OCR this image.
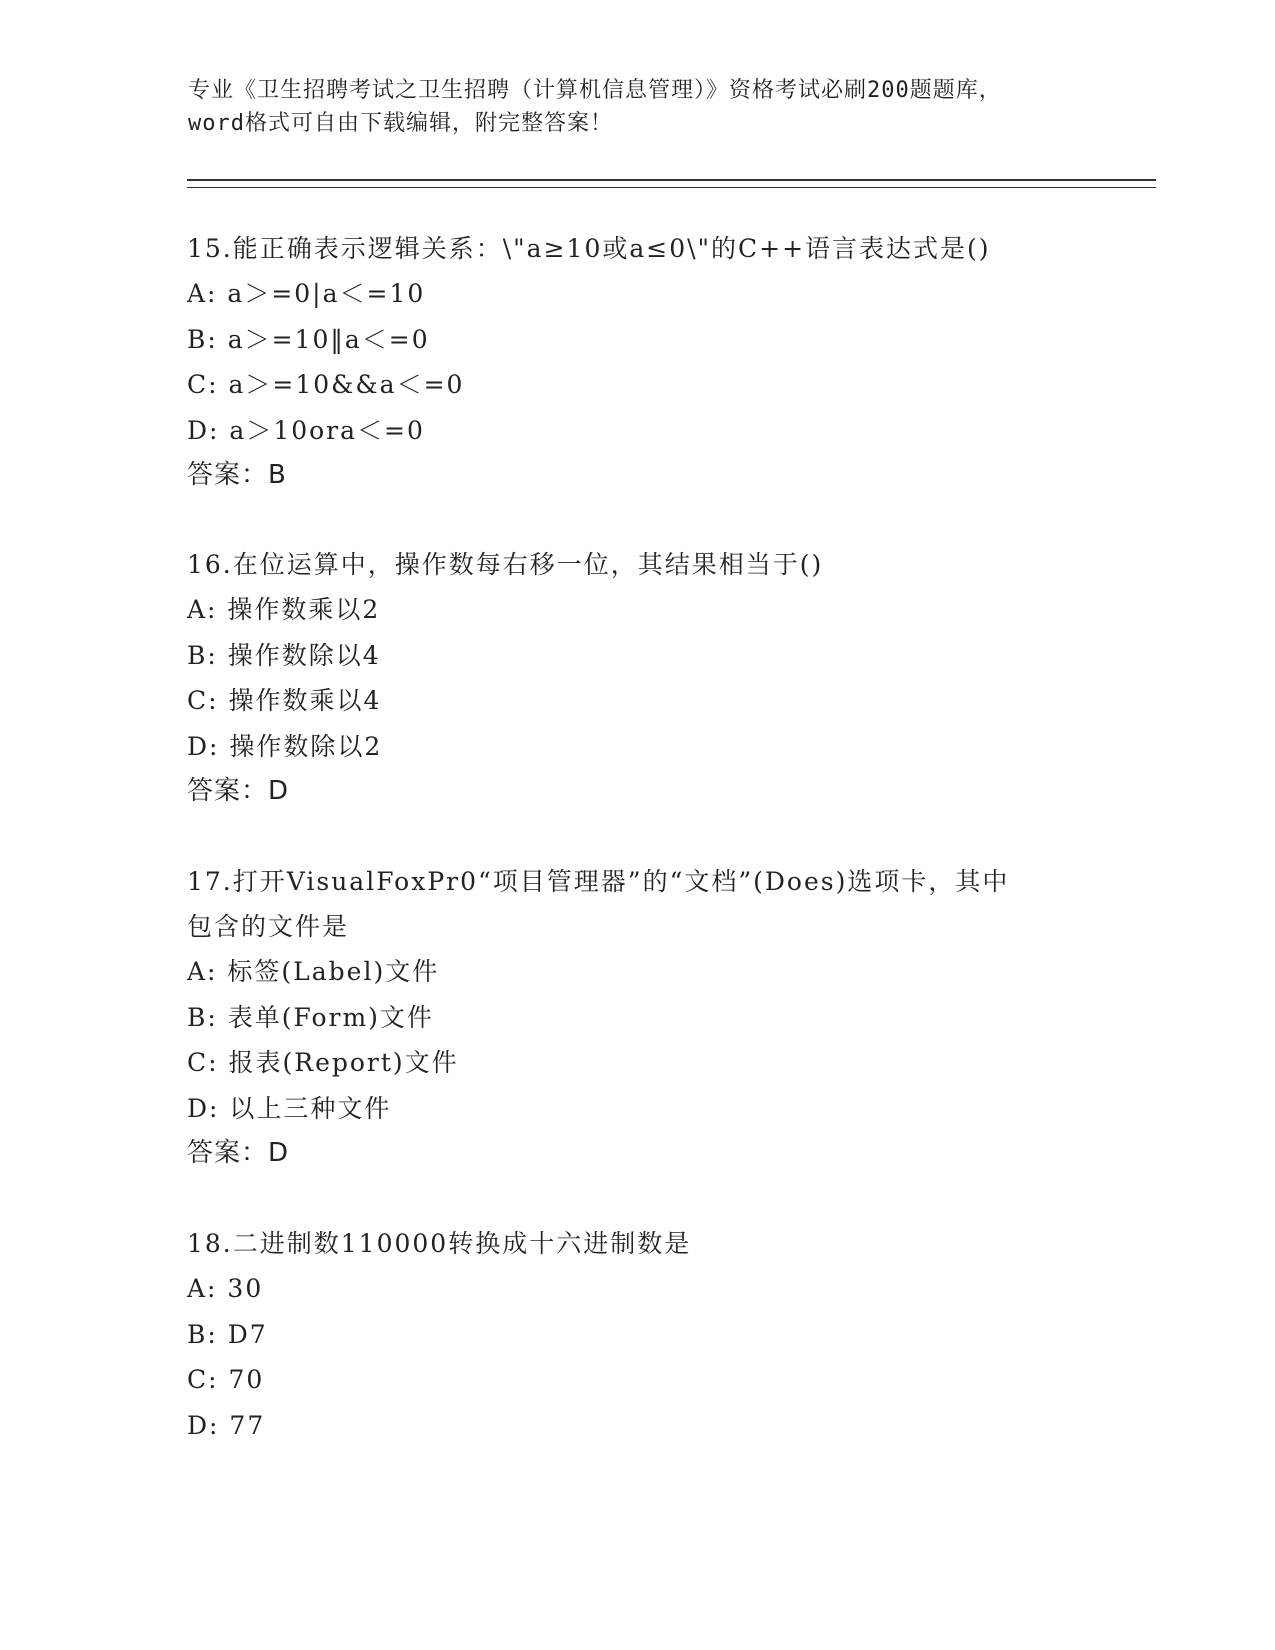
专业《卫生招聘考试之卫生招聘（计算机信息管理）》资格考试必刷200题题库，
word格式可自由下载编辑，附完整答案！
15.能正确表示逻辑关系：\"a≥10或a≤0\"的C++语言表达式是()
A: a＞=0|a＜=10
B: a＞=10‖a＜=0
C: a＞=10&&a＜=0
D: a＞10ora＜=0
答案：B
16.在位运算中，操作数每右移一位，其结果相当于()
A: 操作数乘以2
B: 操作数除以4
C: 操作数乘以4
D: 操作数除以2
答案：D
17.打开VisualFoxPr0“项目管理器”的“文档”(Does)选项卡，其中
包含的文件是
A: 标签(Label)文件
B: 表单(Form)文件
C: 报表(Report)文件
D: 以上三种文件
答案：D
18.二进制数110000转换成十六进制数是
A: 30
B: D7
C: 70
D: 77
